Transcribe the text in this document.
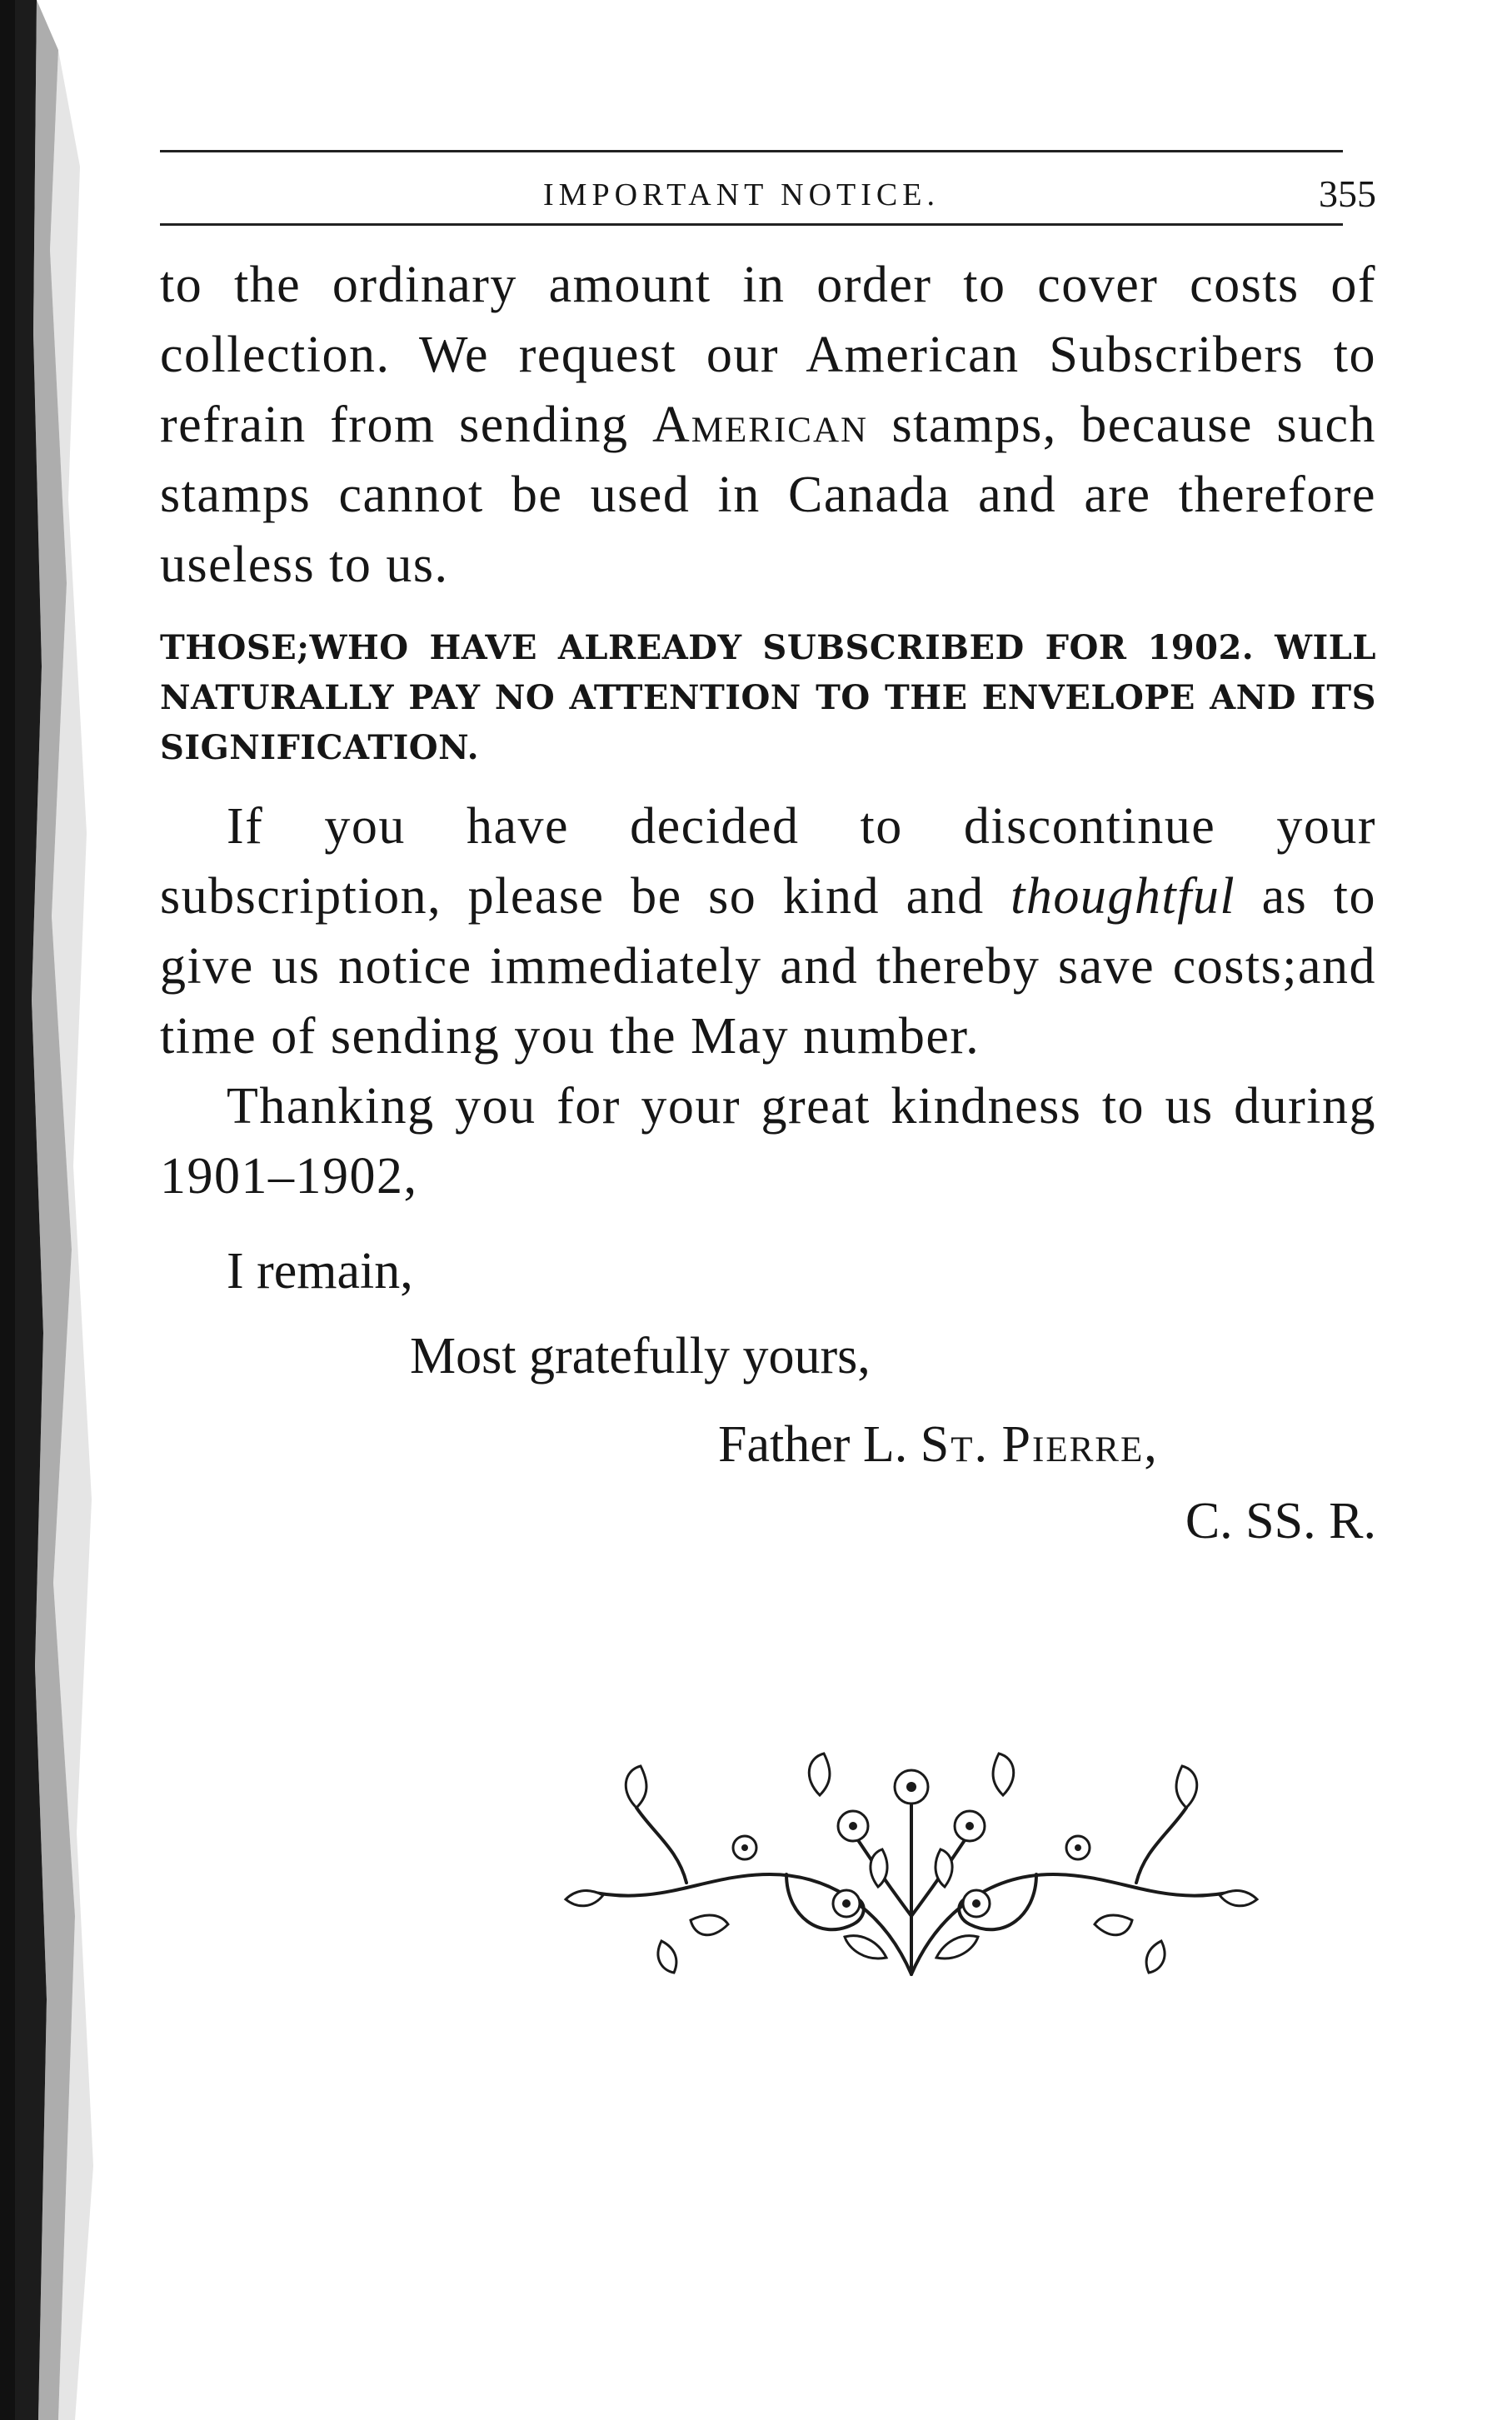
IMPORTANT NOTICE.	355

to the ordinary amount in order to cover costs of collection. We request our American Subscribers to refrain from sending American stamps, because such stamps cannot be used in Canada and are therefore useless to us.

THOSE;WHO HAVE ALREADY SUBSCRIBED FOR 1902. WILL NATURALLY PAY NO ATTENTION TO THE ENVELOPE AND ITS SIGNIFICATION.

If you have decided to discontinue your subscription, please be so kind and thoughtful as to give us notice immediately and thereby save costs;and time of sending you the May number.

Thanking you for your great kindness to us during 1901–1902,

I remain,

Most gratefully yours,

Father L. St. Pierre,

C. SS. R.
